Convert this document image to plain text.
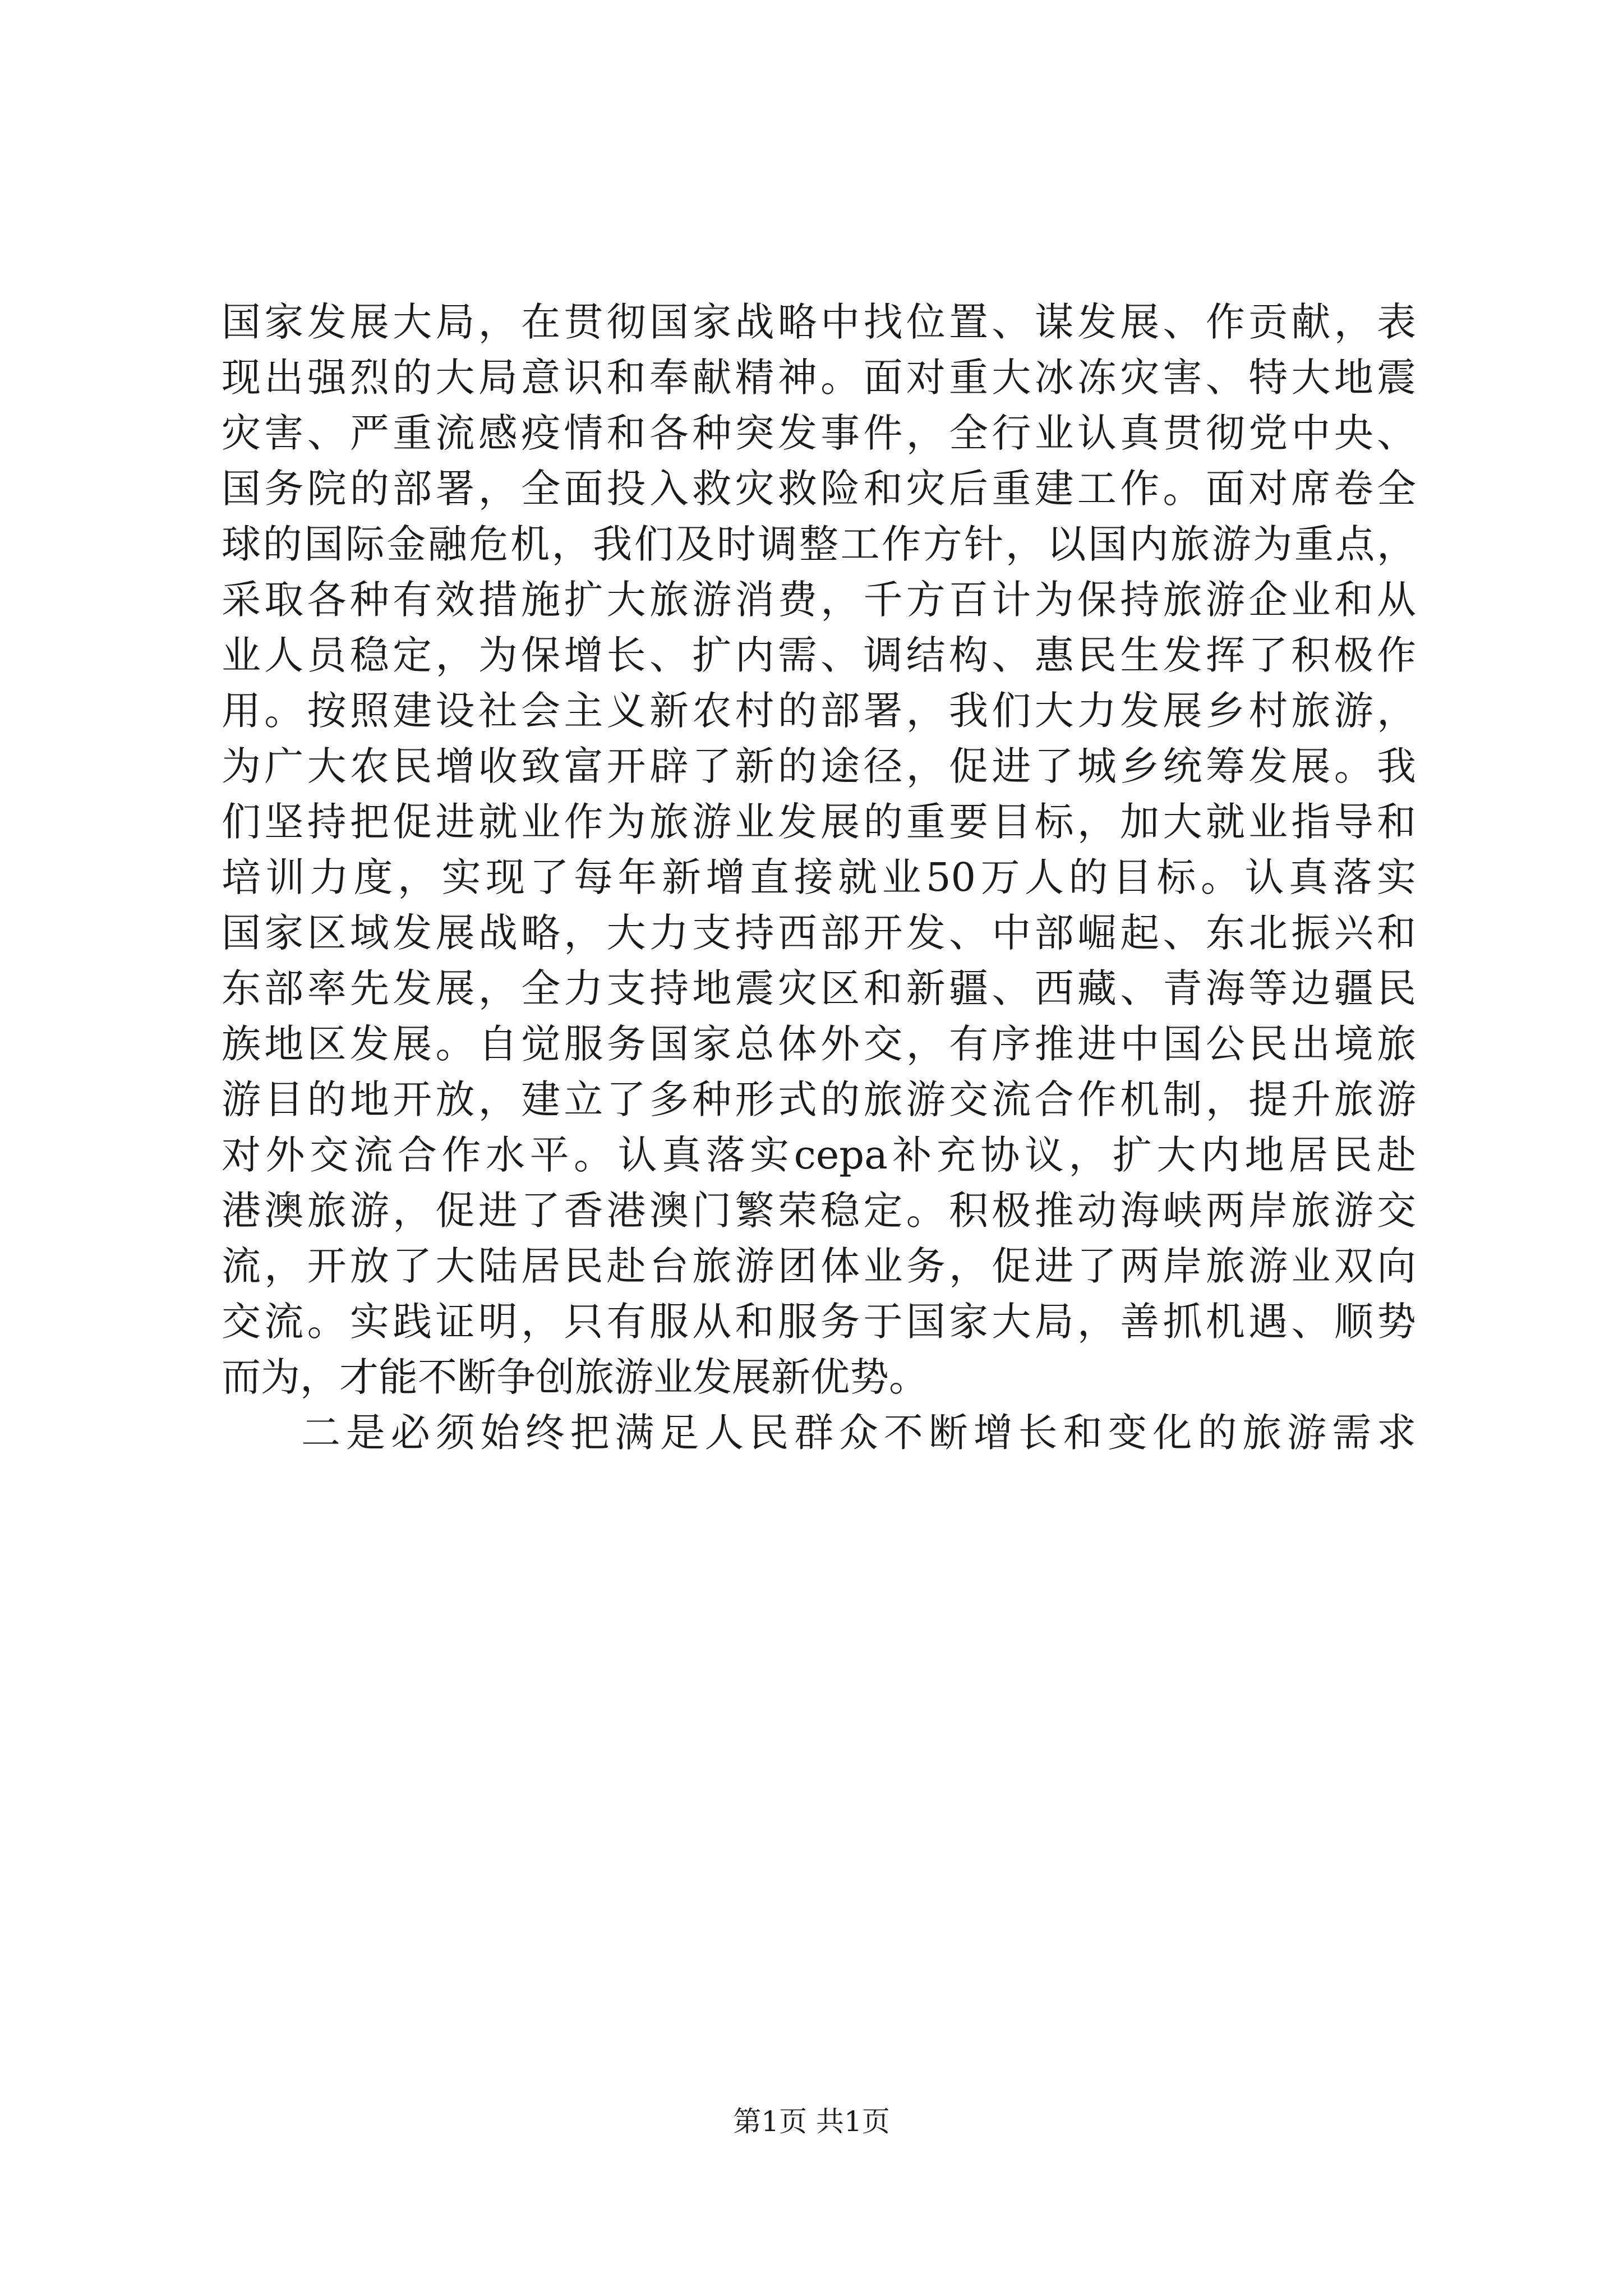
国家发展大局，在贯彻国家战略中找位置、谋发展、作贡献，表
现出强烈的大局意识和奉献精神。面对重大冰冻灾害、特大地震
灾害、严重流感疫情和各种突发事件，全行业认真贯彻党中央、
国务院的部署，全面投入救灾救险和灾后重建工作。面对席卷全
球的国际金融危机，我们及时调整工作方针，以国内旅游为重点，
采取各种有效措施扩大旅游消费，千方百计为保持旅游企业和从
业人员稳定，为保增长、扩内需、调结构、惠民生发挥了积极作
用。按照建设社会主义新农村的部署，我们大力发展乡村旅游，
为广大农民增收致富开辟了新的途径，促进了城乡统筹发展。我
们坚持把促进就业作为旅游业发展的重要目标，加大就业指导和
培训力度，实现了每年新增直接就业50万人的目标。认真落实
国家区域发展战略，大力支持西部开发、中部崛起、东北振兴和
东部率先发展，全力支持地震灾区和新疆、西藏、青海等边疆民
族地区发展。自觉服务国家总体外交，有序推进中国公民出境旅
游目的地开放，建立了多种形式的旅游交流合作机制，提升旅游
对外交流合作水平。认真落实cepa补充协议，扩大内地居民赴
港澳旅游，促进了香港澳门繁荣稳定。积极推动海峡两岸旅游交
流，开放了大陆居民赴台旅游团体业务，促进了两岸旅游业双向
交流。实践证明，只有服从和服务于国家大局，善抓机遇、顺势
而为，才能不断争创旅游业发展新优势。
二是必须始终把满足人民群众不断增长和变化的旅游需求
第1页 共1页
